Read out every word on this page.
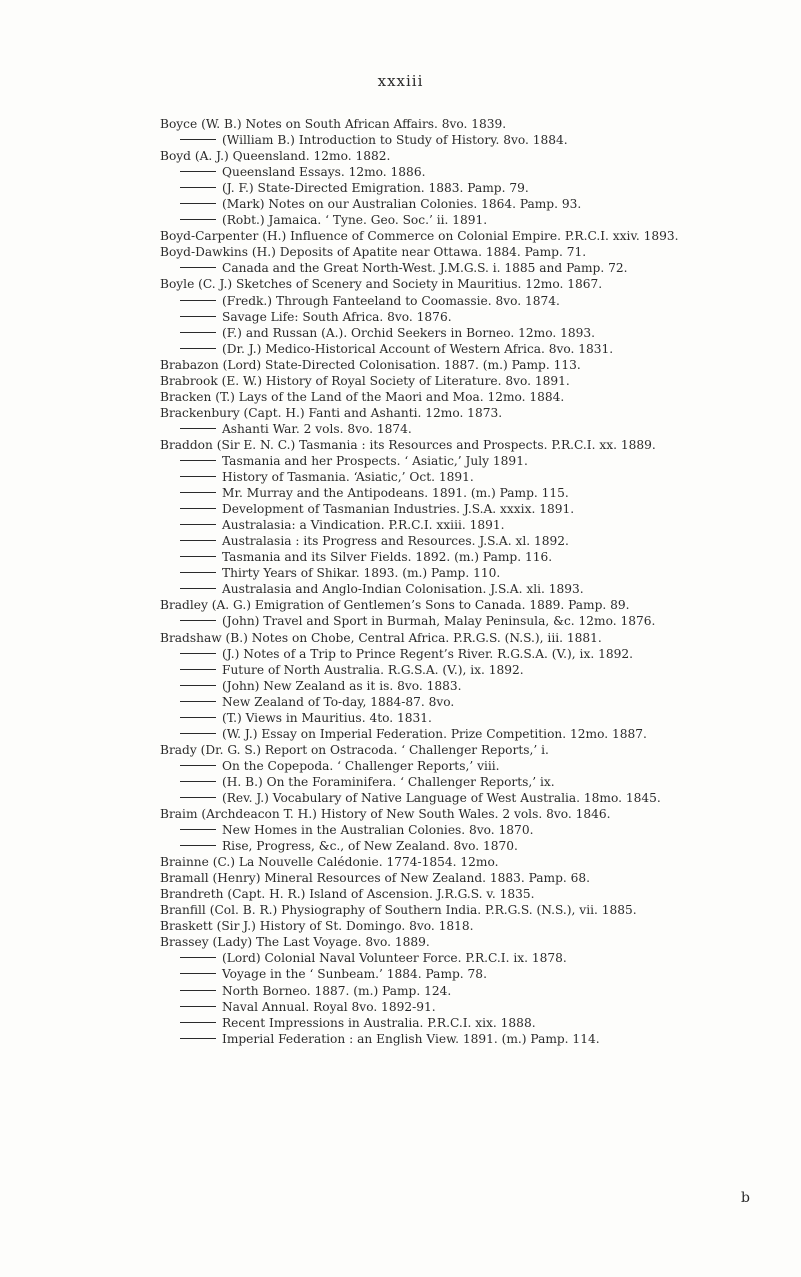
xxxiii
Boyce (W. B.) Notes on South African Affairs. 8vo. 1839.
(William B.) Introduction to Study of History. 8vo. 1884.
Boyd (A. J.) Queensland. 12mo. 1882.
Queensland Essays. 12mo. 1886.
(J. F.) State-Directed Emigration. 1883. Pamp. 79.
(Mark) Notes on our Australian Colonies. 1864. Pamp. 93.
(Robt.) Jamaica. ‘ Tyne. Geo. Soc.’ ii. 1891.
Boyd-Carpenter (H.) Influence of Commerce on Colonial Empire. P.R.C.I. xxiv. 1893.
Boyd-Dawkins (H.) Deposits of Apatite near Ottawa. 1884. Pamp. 71.
Canada and the Great North-West. J.M.G.S. i. 1885 and Pamp. 72.
Boyle (C. J.) Sketches of Scenery and Society in Mauritius. 12mo. 1867.
(Fredk.) Through Fanteeland to Coomassie. 8vo. 1874.
Savage Life: South Africa. 8vo. 1876.
(F.) and Russan (A.). Orchid Seekers in Borneo. 12mo. 1893.
(Dr. J.) Medico-Historical Account of Western Africa. 8vo. 1831.
Brabazon (Lord) State-Directed Colonisation. 1887. (m.) Pamp. 113.
Brabrook (E. W.) History of Royal Society of Literature. 8vo. 1891.
Bracken (T.) Lays of the Land of the Maori and Moa. 12mo. 1884.
Brackenbury (Capt. H.) Fanti and Ashanti. 12mo. 1873.
Ashanti War. 2 vols. 8vo. 1874.
Braddon (Sir E. N. C.) Tasmania : its Resources and Prospects. P.R.C.I. xx. 1889.
Tasmania and her Prospects. ‘ Asiatic,’ July 1891.
History of Tasmania. ‘Asiatic,’ Oct. 1891.
Mr. Murray and the Antipodeans. 1891. (m.) Pamp. 115.
Development of Tasmanian Industries. J.S.A. xxxix. 1891.
Australasia: a Vindication. P.R.C.I. xxiii. 1891.
Australasia : its Progress and Resources. J.S.A. xl. 1892.
Tasmania and its Silver Fields. 1892. (m.) Pamp. 116.
Thirty Years of Shikar. 1893. (m.) Pamp. 110.
Australasia and Anglo-Indian Colonisation. J.S.A. xli. 1893.
Bradley (A. G.) Emigration of Gentlemen’s Sons to Canada. 1889. Pamp. 89.
(John) Travel and Sport in Burmah, Malay Peninsula, &c. 12mo. 1876.
Bradshaw (B.) Notes on Chobe, Central Africa. P.R.G.S. (N.S.), iii. 1881.
(J.) Notes of a Trip to Prince Regent’s River. R.G.S.A. (V.), ix. 1892.
Future of North Australia. R.G.S.A. (V.), ix. 1892.
(John) New Zealand as it is. 8vo. 1883.
New Zealand of To-day, 1884-87. 8vo.
(T.) Views in Mauritius. 4to. 1831.
(W. J.) Essay on Imperial Federation. Prize Competition. 12mo. 1887.
Brady (Dr. G. S.) Report on Ostracoda. ‘ Challenger Reports,’ i.
On the Copepoda. ‘ Challenger Reports,’ viii.
(H. B.) On the Foraminifera. ‘ Challenger Reports,’ ix.
(Rev. J.) Vocabulary of Native Language of West Australia. 18mo. 1845.
Braim (Archdeacon T. H.) History of New South Wales. 2 vols. 8vo. 1846.
New Homes in the Australian Colonies. 8vo. 1870.
Rise, Progress, &c., of New Zealand. 8vo. 1870.
Brainne (C.) La Nouvelle Calédonie. 1774-1854. 12mo.
Bramall (Henry) Mineral Resources of New Zealand. 1883. Pamp. 68.
Brandreth (Capt. H. R.) Island of Ascension. J.R.G.S. v. 1835.
Branfill (Col. B. R.) Physiography of Southern India. P.R.G.S. (N.S.), vii. 1885.
Braskett (Sir J.) History of St. Domingo. 8vo. 1818.
Brassey (Lady) The Last Voyage. 8vo. 1889.
(Lord) Colonial Naval Volunteer Force. P.R.C.I. ix. 1878.
Voyage in the ‘ Sunbeam.’ 1884. Pamp. 78.
North Borneo. 1887. (m.) Pamp. 124.
Naval Annual. Royal 8vo. 1892-91.
Recent Impressions in Australia. P.R.C.I. xix. 1888.
Imperial Federation : an English View. 1891. (m.) Pamp. 114.
b
